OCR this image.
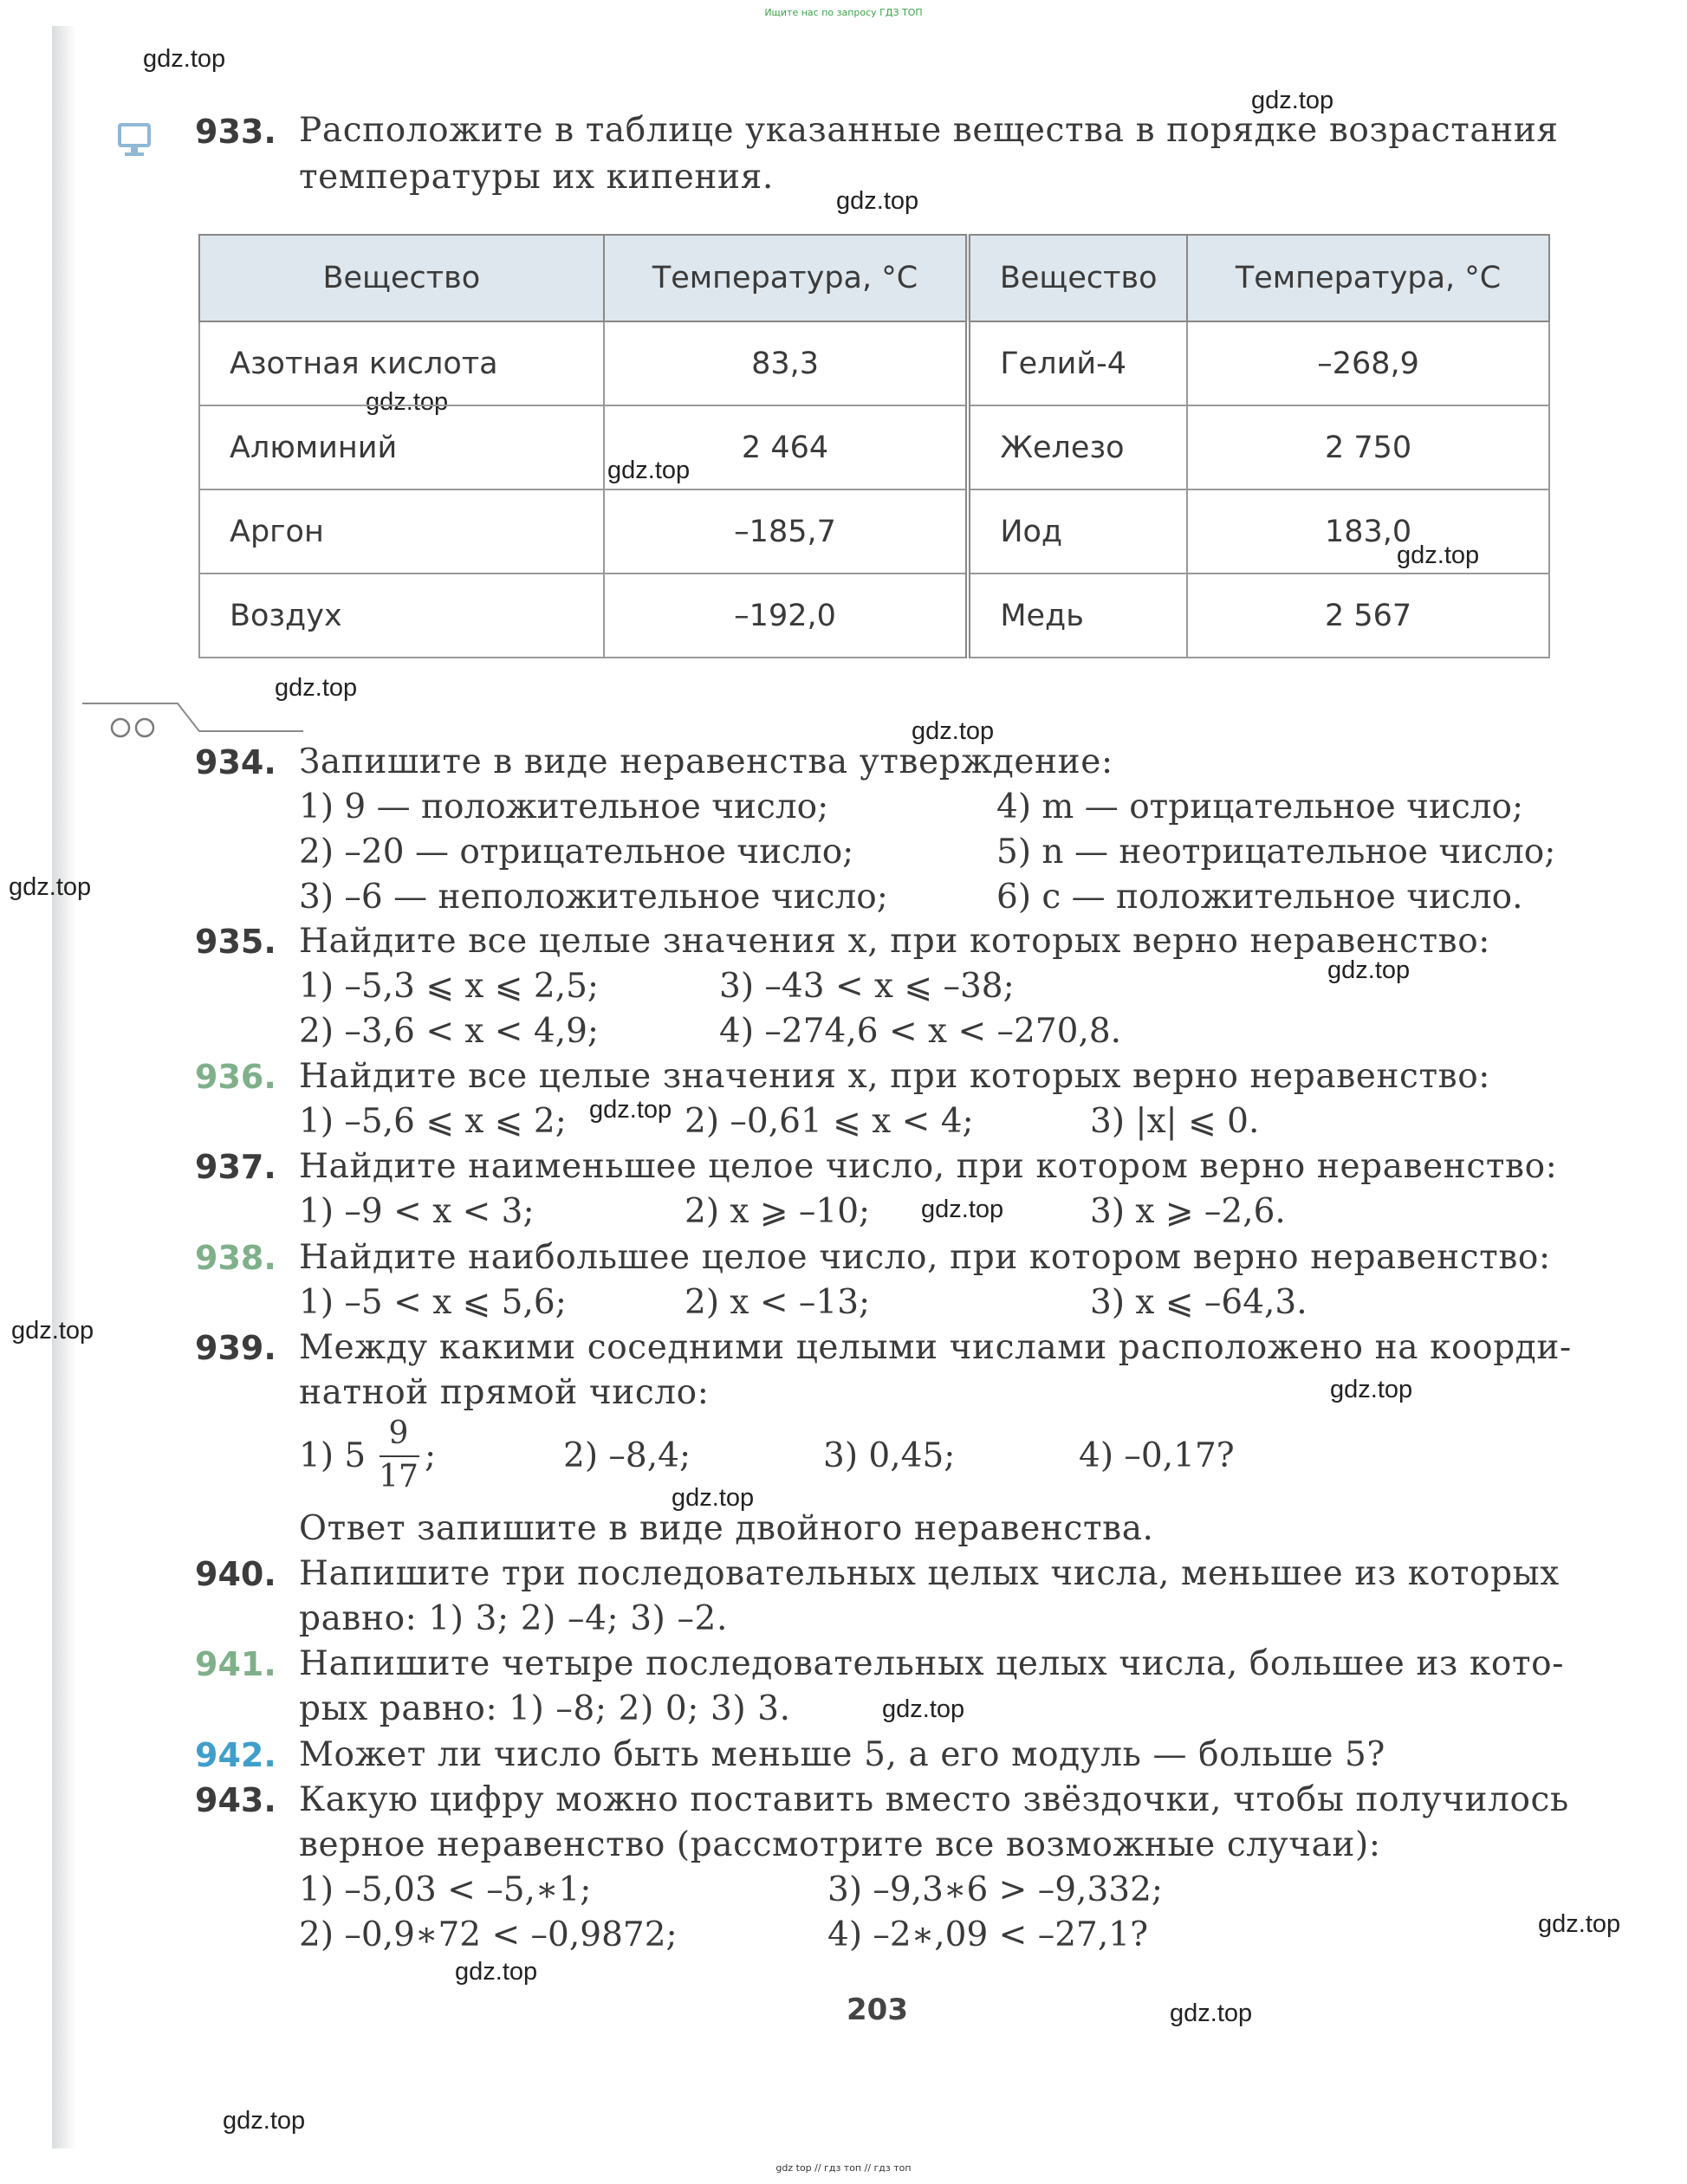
Ищите нас по запросу ГДЗ ТОП
gdz.top
gdz.top
gdz.top
gdz.top
gdz.top
gdz.top
gdz.top
gdz.top
gdz.top
gdz.top
gdz.top
gdz.top
gdz.top
gdz.top
gdz.top
gdz.top
gdz.top
gdz.top
gdz.top
gdz.top
933. Расположите в таблице указанные вещества в порядке возрастания
температуры их кипения.
Вещество	Температура, °C	Вещество	Температура, °C
Азотная кислота	83,3	Гелий-4	–268,9
Алюминий	2 464	Железо	2 750
Аргон	–185,7	Иод	183,0
Воздух	–192,0	Медь	2 567
934. Запишите в виде неравенства утверждение:
1) 9 — положительное число;
2) –20 — отрицательное число;
3) –6 — неположительное число;
4) m — отрицательное число;
5) n — неотрицательное число;
6) c — положительное число.
935. Найдите все целые значения x, при которых верно неравенство:
1) –5,3 ⩽ x ⩽ 2,5;	3) –43 < x ⩽ –38;
2) –3,6 < x < 4,9;	4) –274,6 < x < –270,8.
936. Найдите все целые значения x, при которых верно неравенство:
1) –5,6 ⩽ x ⩽ 2;	2) –0,61 ⩽ x < 4;	3) |x| ⩽ 0.
937. Найдите наименьшее целое число, при котором верно неравенство:
1) –9 < x < 3;	2) x ⩾ –10;	3) x ⩾ –2,6.
938. Найдите наибольшее целое число, при котором верно неравенство:
1) –5 < x ⩽ 5,6;	2) x < –13;	3) x ⩽ –64,3.
939. Между какими соседними целыми числами расположено на коорди-
натной прямой число:
1) 5
9
17
;	2) –8,4;	3) 0,45;	4) –0,17?
Ответ запишите в виде двойного неравенства.
940. Напишите три последовательных целых числа, меньшее из которых
равно: 1) 3; 2) –4; 3) –2.
941. Напишите четыре последовательных целых числа, большее из кото-
рых равно: 1) –8; 2) 0; 3) 3.
942. Может ли число быть меньше 5, а его модуль — больше 5?
943. Какую цифру можно поставить вместо звёздочки, чтобы получилось
верное неравенство (рассмотрите все возможные случаи):
1) –5,03 < –5,∗1;	3) –9,3∗6 > –9,332;
2) –0,9∗72 < –0,9872;	4) –2∗,09 < –27,1?
203
gdz top // гдз топ // гдз топ
